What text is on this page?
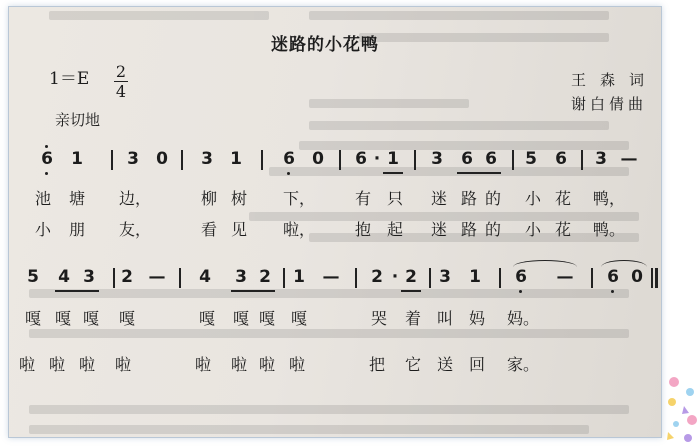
迷路的小花鸭
1＝E 2
4
王森词
谢白倩曲
亲切地
6 1	3 0 3 1 6 0 6 · 1 3 6 6 5 6 3 —
池 塘 边，	柳 树 下， 有 只 迷 路 的 小 花 鸭，
小 朋 友，	看 见 啦， 抱 起 迷 路 的 小 花 鸭。
5 4 3 2 — 4 3 2 1 — 2 · 2 3 1 6 — 6 0
嘎 嘎 嘎 嘎	嘎 嘎 嘎 嘎	哭 着 叫 妈 妈。
啦 啦 啦 啦	啦 啦 啦 啦	把 它 送 回 家。
